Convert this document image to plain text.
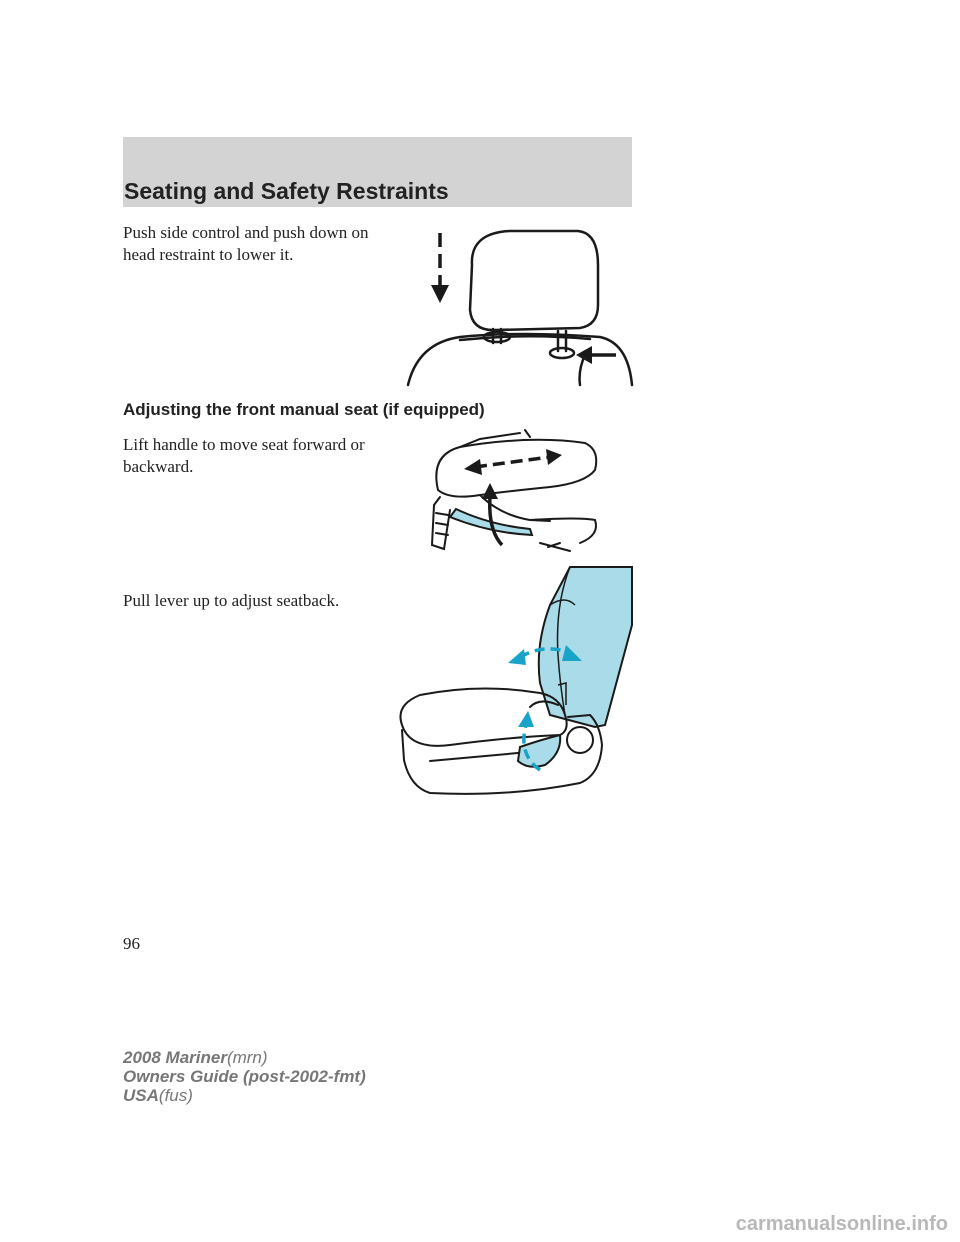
Seating and Safety Restraints
Push side control and push down on head restraint to lower it.
Adjusting the front manual seat (if equipped)
Lift handle to move seat forward or backward.
Pull lever up to adjust seatback.
96
2008 Mariner(mrn)
Owners Guide (post-2002-fmt)
USA(fus)
carmanualsonline.info
